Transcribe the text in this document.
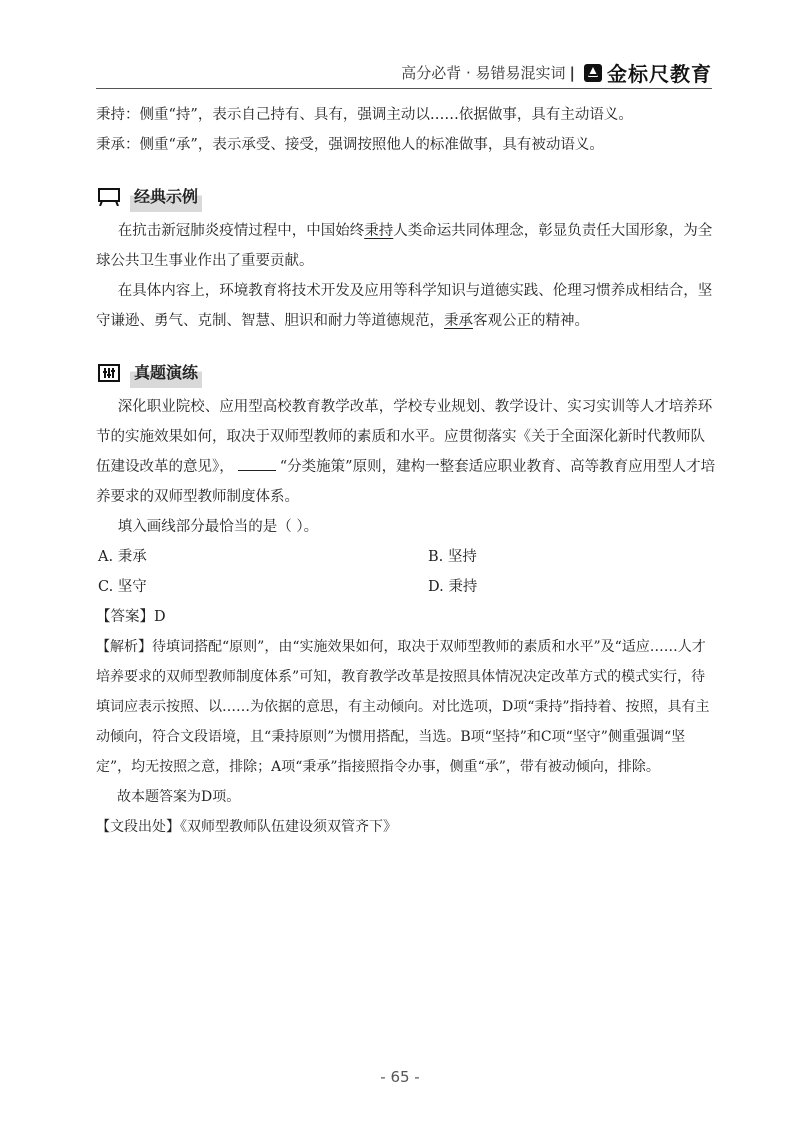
高分必背 · 易错易混实词 | 金标尺教育

秉持：侧重“持”，表示自己持有、具有，强调主动以……依据做事，具有主动语义。

秉承：侧重“承”，表示承受、接受，强调按照他人的标准做事，具有被动语义。

经典示例

  在抗击新冠肺炎疫情过程中，中国始终秉持人类命运共同体理念，彰显负责任大国形象，为全球公共卫生事业作出了重要贡献。

  在具体内容上，环境教育将技术开发及应用等科学知识与道德实践、伦理习惯养成相结合，坚守谦逊、勇气、克制、智慧、胆识和耐力等道德规范，秉承客观公正的精神。

真题演练

  深化职业院校、应用型高校教育教学改革，学校专业规划、教学设计、实习实训等人才培养环节的实施效果如何，取决于双师型教师的素质和水平。应贯彻落实《关于全面深化新时代教师队伍建设改革的意见》，	“分类施策”原则，建构一整套适应职业教育、高等教育应用型人才培养要求的双师型教师制度体系。

  填入画线部分最恰当的是（ ）。

A. 秉承	B. 坚持
C. 坚守	D. 秉持

【答案】D

【解析】待填词搭配“原则”，由“实施效果如何，取决于双师型教师的素质和水平”及“适应……人才培养要求的双师型教师制度体系”可知，教育教学改革是按照具体情况决定改革方式的模式实行，待填词应表示按照、以……为依据的意思，有主动倾向。对比选项，D项“秉持”指持着、按照，具有主动倾向，符合文段语境，且“秉持原则”为惯用搭配，当选。B项“坚持”和C项“坚守”侧重强调“坚定”，均无按照之意，排除；A项“秉承”指接照指令办事，侧重“承”，带有被动倾向，排除。

  故本题答案为D项。

【文段出处】《双师型教师队伍建设须双管齐下》

- 65 -
